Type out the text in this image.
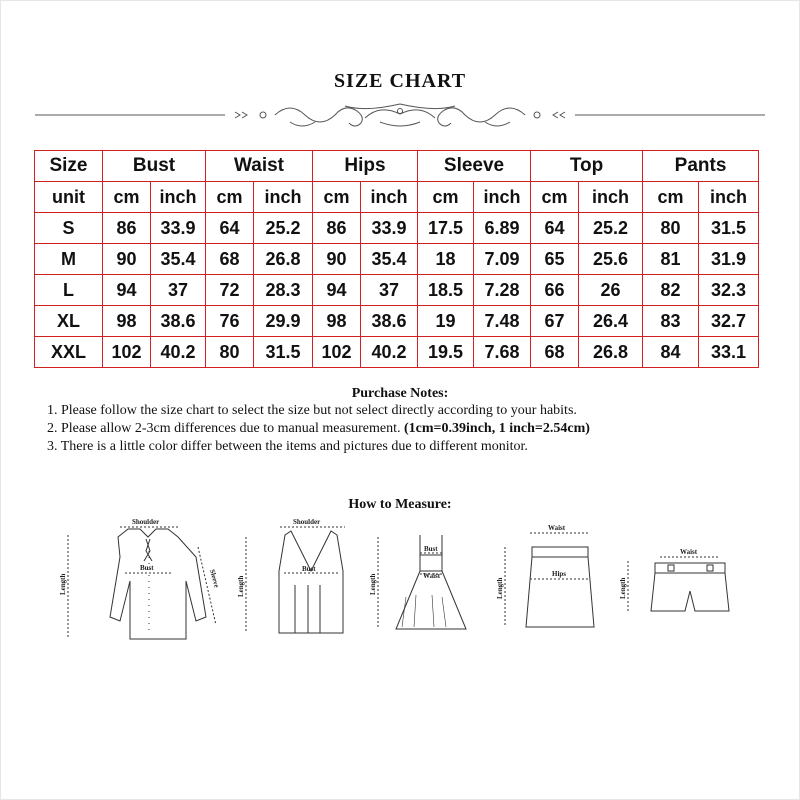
SIZE CHART
Size	Bust		Waist		Hips		Sleeve		Top		Pants	
unit	cm	inch	cm	inch	cm	inch	cm	inch	cm	inch	cm	inch
S	86	33.9	64	25.2	86	33.9	17.5	6.89	64	25.2	80	31.5
M	90	35.4	68	26.8	90	35.4	18	7.09	65	25.6	81	31.9
L	94	37	72	28.3	94	37	18.5	7.28	66	26	82	32.3
XL	98	38.6	76	29.9	98	38.6	19	7.48	67	26.4	83	32.7
XXL	102	40.2	80	31.5	102	40.2	19.5	7.68	68	26.8	84	33.1
Purchase Notes:

1. Please follow the size chart to select the size but not select directly according to your habits.

2. Please allow 2-3cm differences due to manual measurement. (1cm=0.39inch, 1 inch=2.54cm)

3. There is a little color differ between the items and pictures due to different monitor.

How to Measure:
Shoulder
Bust
Sleeve
Length
Shoulder
Bust
Length
Bust
Waist
Length
Waist
Hips
Length
Waist
Length
